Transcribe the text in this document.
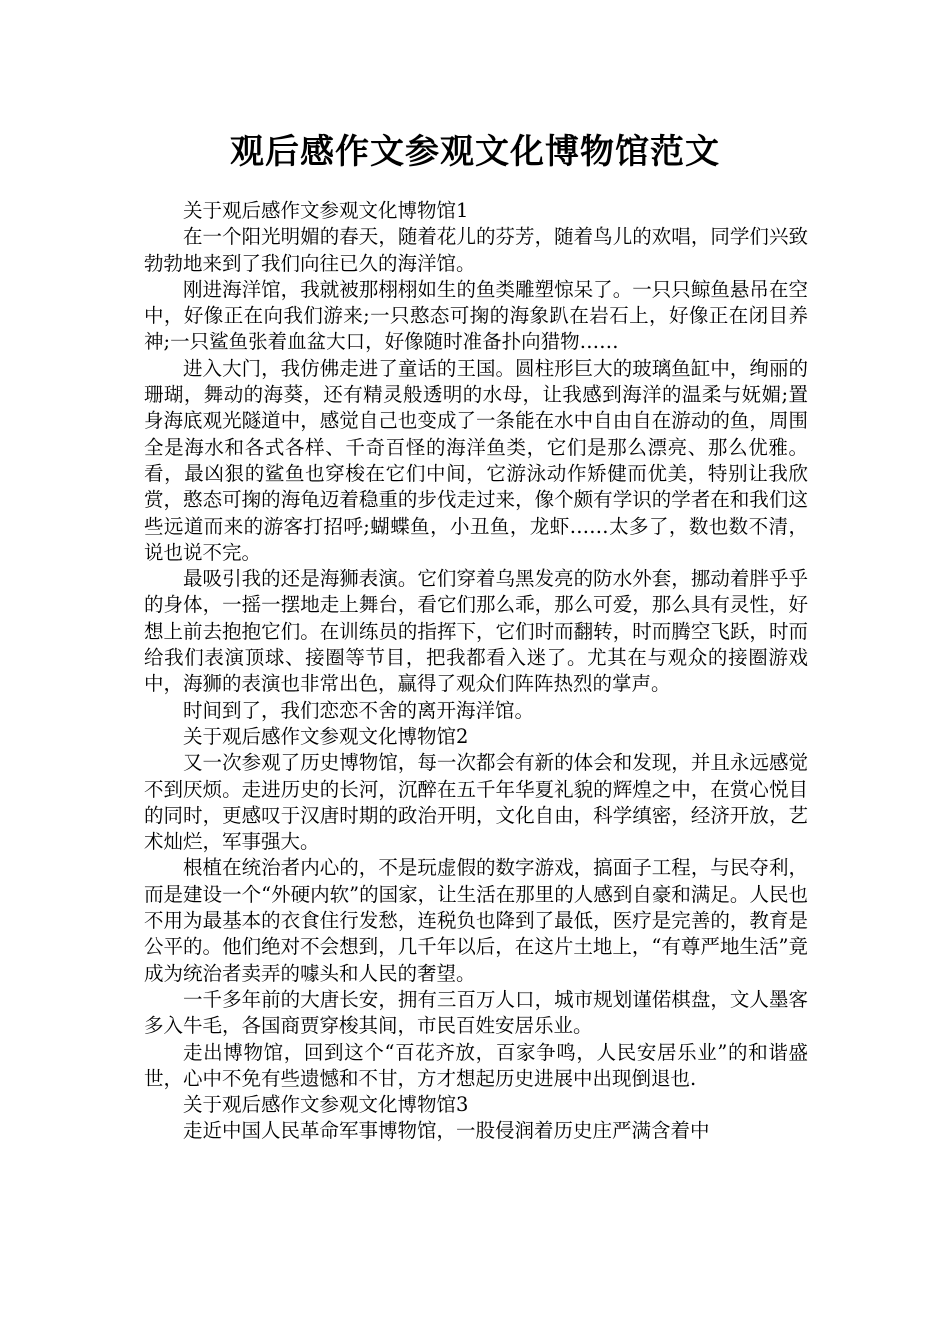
观后感作文参观文化博物馆范文

关于观后感作文参观文化博物馆1

在一个阳光明媚的春天，随着花儿的芬芳，随着鸟儿的欢唱，同学们兴致勃勃地来到了我们向往已久的海洋馆。

刚进海洋馆，我就被那栩栩如生的鱼类雕塑惊呆了。一只只鲸鱼悬吊在空中，好像正在向我们游来;一只憨态可掬的海象趴在岩石上，好像正在闭目养神;一只鲨鱼张着血盆大口，好像随时准备扑向猎物……

进入大门，我仿佛走进了童话的王国。圆柱形巨大的玻璃鱼缸中，绚丽的珊瑚，舞动的海葵，还有精灵般透明的水母，让我感到海洋的温柔与妩媚;置身海底观光隧道中，感觉自己也变成了一条能在水中自由自在游动的鱼，周围全是海水和各式各样、千奇百怪的海洋鱼类，它们是那么漂亮、那么优雅。看，最凶狠的鲨鱼也穿梭在它们中间，它游泳动作矫健而优美，特别让我欣赏，憨态可掬的海龟迈着稳重的步伐走过来，像个颇有学识的学者在和我们这些远道而来的游客打招呼;蝴蝶鱼，小丑鱼，龙虾……太多了，数也数不清，说也说不完。

最吸引我的还是海狮表演。它们穿着乌黑发亮的防水外套，挪动着胖乎乎的身体，一摇一摆地走上舞台，看它们那么乖，那么可爱，那么具有灵性，好想上前去抱抱它们。在训练员的指挥下，它们时而翻转，时而腾空飞跃，时而给我们表演顶球、接圈等节目，把我都看入迷了。尤其在与观众的接圈游戏中，海狮的表演也非常出色，赢得了观众们阵阵热烈的掌声。

时间到了，我们恋恋不舍的离开海洋馆。

关于观后感作文参观文化博物馆2

又一次参观了历史博物馆，每一次都会有新的体会和发现，并且永远感觉不到厌烦。走进历史的长河，沉醉在五千年华夏礼貌的辉煌之中，在赏心悦目的同时，更感叹于汉唐时期的政治开明，文化自由，科学缜密，经济开放，艺术灿烂，军事强大。

根植在统治者内心的，不是玩虚假的数字游戏，搞面子工程，与民夺利，而是建设一个“外硬内软”的国家，让生活在那里的人感到自豪和满足。人民也不用为最基本的衣食住行发愁，连税负也降到了最低，医疗是完善的，教育是公平的。他们绝对不会想到，几千年以后，在这片土地上，“有尊严地生活”竟成为统治者卖弄的噱头和人民的奢望。

一千多年前的大唐长安，拥有三百万人口，城市规划谨偌棋盘，文人墨客多入牛毛，各国商贾穿梭其间，市民百姓安居乐业。

走出博物馆，回到这个“百花齐放，百家争鸣，人民安居乐业”的和谐盛世，心中不免有些遗憾和不甘，方才想起历史进展中出现倒退也.

关于观后感作文参观文化博物馆3

走近中国人民革命军事博物馆，一股侵润着历史庄严满含着中
